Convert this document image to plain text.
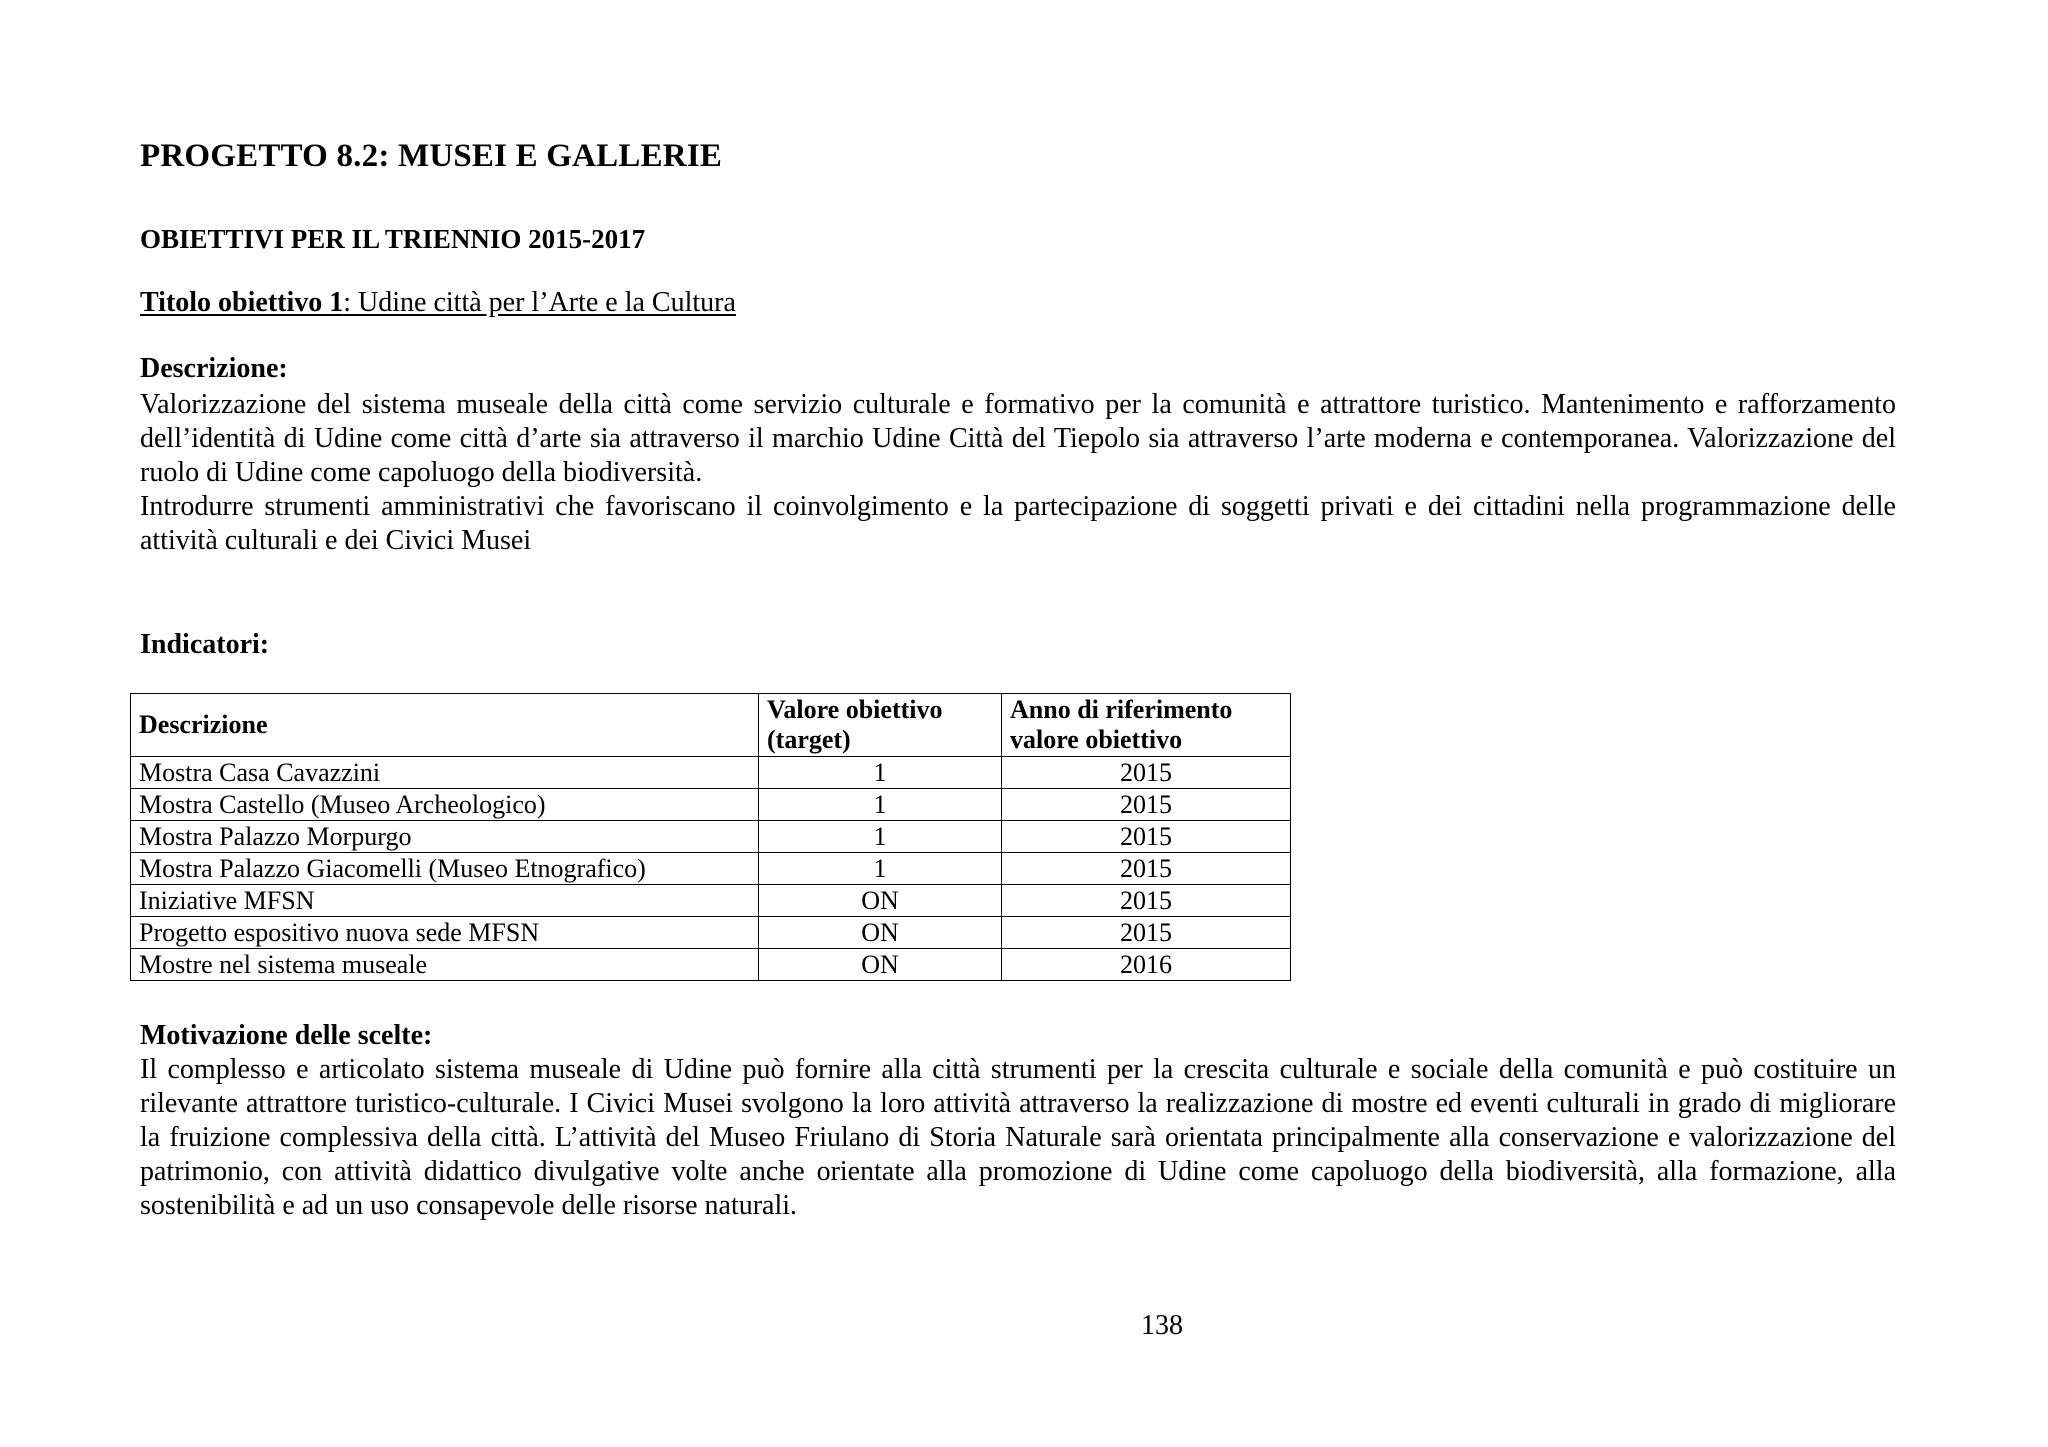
PROGETTO 8.2: MUSEI E GALLERIE
OBIETTIVI PER IL TRIENNIO 2015-2017
Titolo obiettivo 1: Udine città per l’Arte e la Cultura

Descrizione:

Valorizzazione del sistema museale della città come servizio culturale e formativo per la comunità e attrattore turistico. Mantenimento e rafforzamento dell’identità di Udine come città d’arte sia attraverso il marchio Udine Città del Tiepolo sia attraverso l’arte moderna e contemporanea. Valorizzazione del ruolo di Udine come capoluogo della biodiversità.

Introdurre strumenti amministrativi che favoriscano il coinvolgimento e la partecipazione di soggetti privati e dei cittadini nella programmazione delle attività culturali e dei Civici Musei

Indicatori:

Descrizione	Valore obiettivo (target)	Anno di riferimento valore obiettivo
Mostra Casa Cavazzini	1	2015
Mostra Castello (Museo Archeologico)	1	2015
Mostra Palazzo Morpurgo	1	2015
Mostra Palazzo Giacomelli (Museo Etnografico)	1	2015
Iniziative MFSN	ON	2015
Progetto espositivo nuova sede MFSN	ON	2015
Mostre nel sistema museale	ON	2016

Motivazione delle scelte:

Il complesso e articolato sistema museale di Udine può fornire alla città strumenti per la crescita culturale e sociale della comunità e può costituire un rilevante attrattore turistico-culturale. I Civici Musei svolgono la loro attività attraverso la realizzazione di mostre ed eventi culturali in grado di migliorare la fruizione complessiva della città. L’attività del Museo Friulano di Storia Naturale sarà orientata principalmente alla conservazione e valorizzazione del patrimonio, con attività didattico divulgative volte anche orientate alla promozione di Udine come capoluogo della biodiversità, alla formazione, alla sostenibilità e ad un uso consapevole delle risorse naturali.

138
